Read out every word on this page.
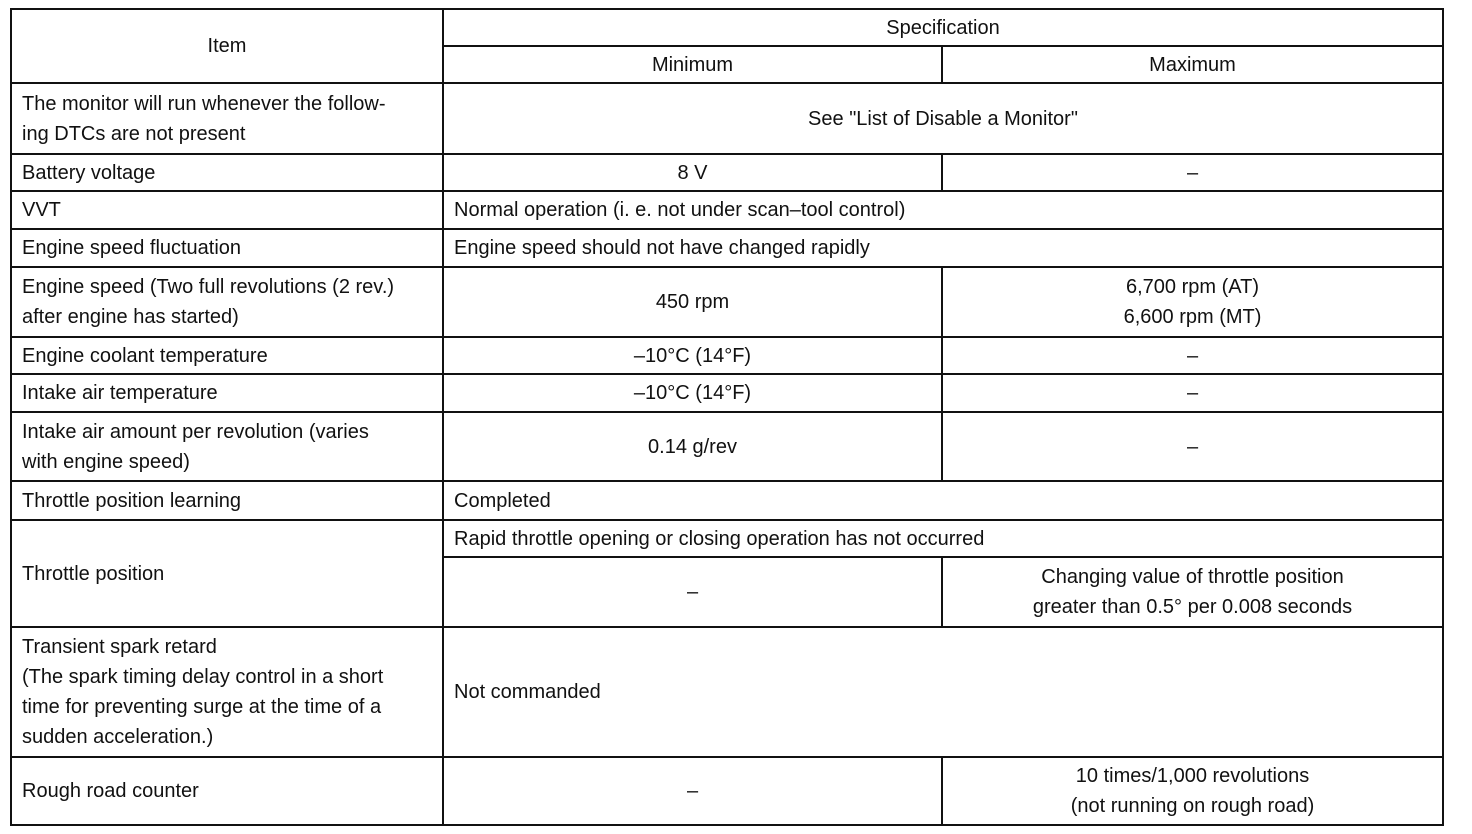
Item	Specification	
	Minimum	Maximum
The monitor will run whenever the follow-
ing DTCs are not present	See "List of Disable a Monitor"	
Battery voltage	8 V	–
VVT	Normal operation (i. e. not under scan–tool control)	
Engine speed fluctuation	Engine speed should not have changed rapidly	
Engine speed (Two full revolutions (2 rev.)
after engine has started)	450 rpm	6,700 rpm (AT)
6,600 rpm (MT)
Engine coolant temperature	–10°C (14°F)	–
Intake air temperature	–10°C (14°F)	–
Intake air amount per revolution (varies
with engine speed)	0.14 g/rev	–
Throttle position learning	Completed	
Throttle position	Rapid throttle opening or closing operation has not occurred	
	–	Changing value of throttle position
greater than 0.5° per 0.008 seconds
Transient spark retard
(The spark timing delay control in a short
time for preventing surge at the time of a
sudden acceleration.)	Not commanded	
Rough road counter	–	10 times/1,000 revolutions
(not running on rough road)
